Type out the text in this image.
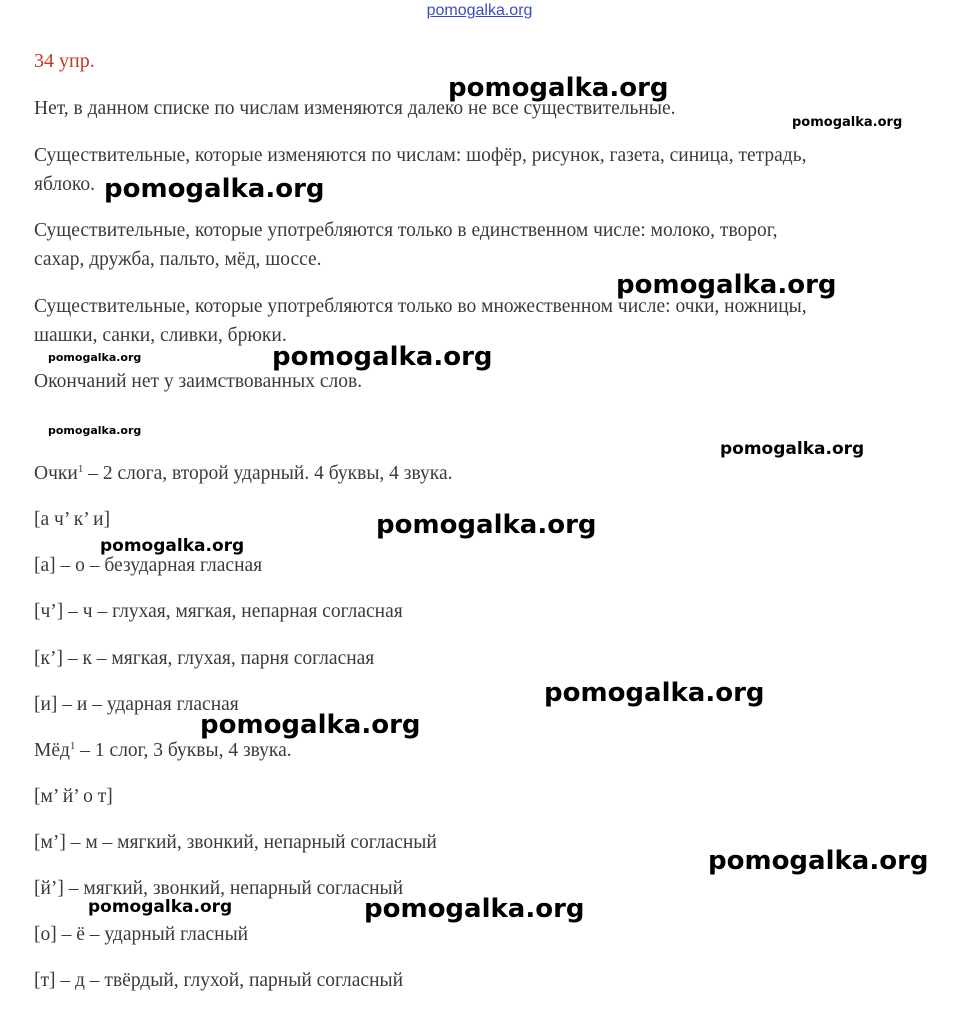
pomogalka.org

34 упр.

Нет, в данном списке по числам изменяются далеко не все существительные.

Существительные, которые изменяются по числам: шофёр, рисунок, газета, синица, тетрадь,

яблоко.

Существительные, которые употребляются только в единственном числе: молоко, творог,

сахар, дружба, пальто, мёд, шоссе.

Существительные, которые употребляются только во множественном числе: очки, ножницы,

шашки, санки, сливки, брюки.

Окончаний нет у заимствованных слов.

Очки$^1$ – 2 слога, второй ударный. 4 буквы, 4 звука.

[а ч’ к’ и]

[а] – о – безударная гласная

[ч’] – ч – глухая, мягкая, непарная согласная

[к’] – к – мягкая, глухая, парня согласная

[и] – и – ударная гласная

Мёд$^1$ – 1 слог, 3 буквы, 4 звука.

[м’ й’ о т]

[м’] – м – мягкий, звонкий, непарный согласный

[й’] – мягкий, звонкий, непарный согласный

[о] – ё – ударный гласный

[т] – д – твёрдый, глухой, парный согласный

pomogalka.org
pomogalka.org
pomogalka.org
pomogalka.org
pomogalka.org	pomogalka.org
pomogalka.org
pomogalka.org
pomogalka.org
pomogalka.org
pomogalka.org
pomogalka.org
pomogalka.org
pomogalka.org	pomogalka.org
